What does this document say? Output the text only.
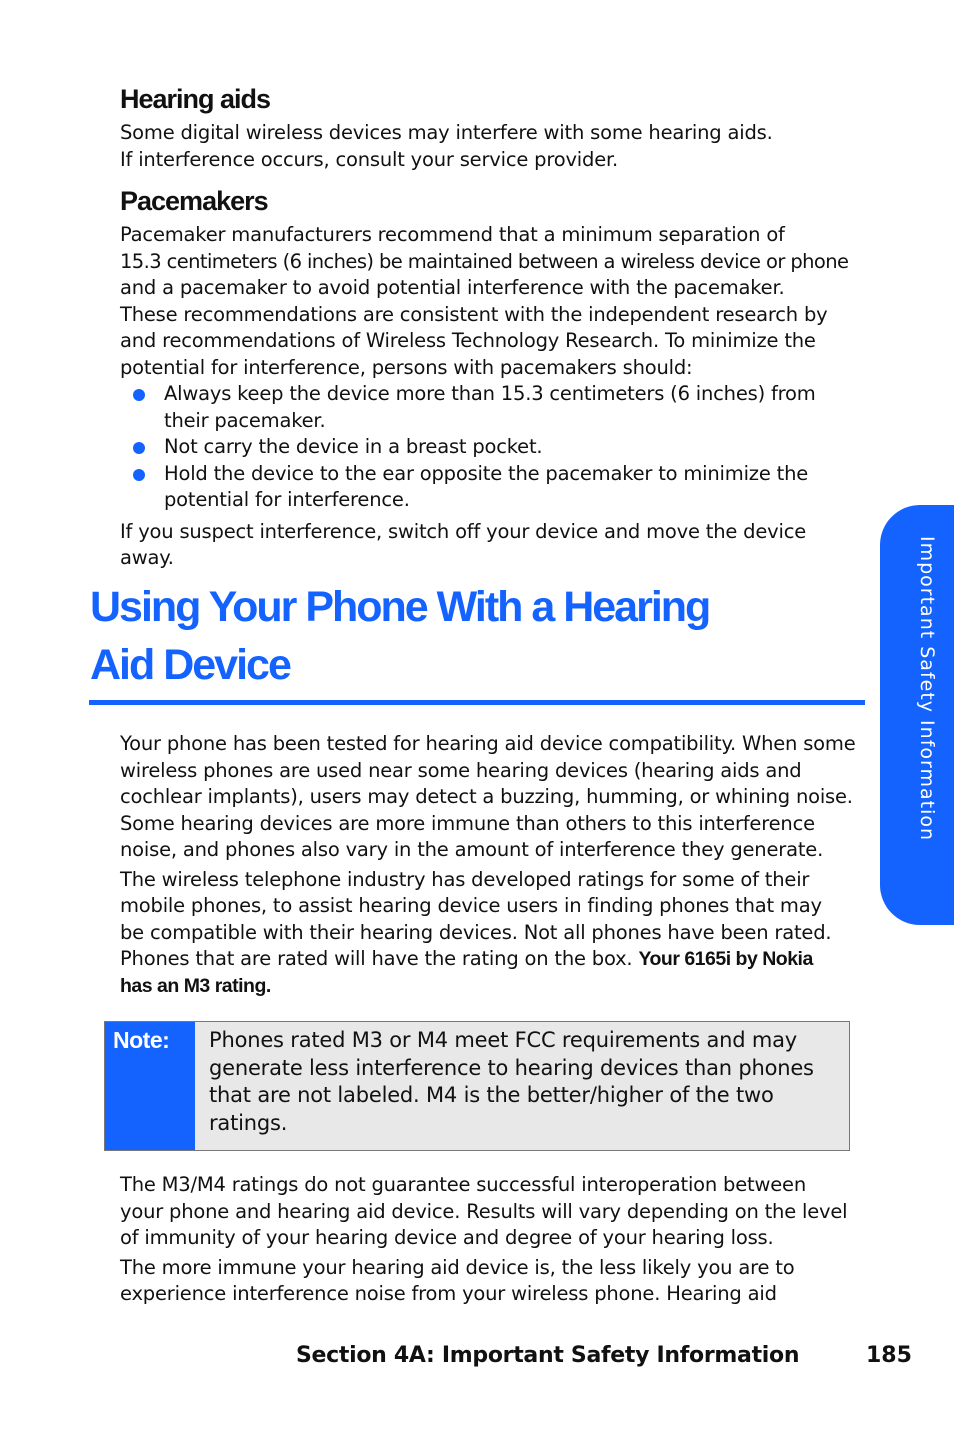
Hearing aids

Some digital wireless devices may interfere with some hearing aids.
If interference occurs, consult your service provider.

Pacemakers

Pacemaker manufacturers recommend that a minimum separation of
15.3 centimeters (6 inches) be maintained between a wireless device or phone
and a pacemaker to avoid potential interference with the pacemaker.
These recommendations are consistent with the independent research by
and recommendations of Wireless Technology Research. To minimize the
potential for interference, persons with pacemakers should:

Always keep the device more than 15.3 centimeters (6 inches) from
their pacemaker.
Not carry the device in a breast pocket.
Hold the device to the ear opposite the pacemaker to minimize the
potential for interference.

If you suspect interference, switch off your device and move the device away.

Using Your Phone With a Hearing
Aid Device

Your phone has been tested for hearing aid device compatibility. When some
wireless phones are used near some hearing devices (hearing aids and
cochlear implants), users may detect a buzzing, humming, or whining noise.
Some hearing devices are more immune than others to this interference
noise, and phones also vary in the amount of interference they generate.

The wireless telephone industry has developed ratings for some of their
mobile phones, to assist hearing device users in finding phones that may
be compatible with their hearing devices. Not all phones have been rated.
Phones that are rated will have the rating on the box. Your 6165i by Nokia
has an M3 rating.

Note:	Phones rated M3 or M4 meet FCC requirements and may
generate less interference to hearing devices than phones
that are not labeled. M4 is the better/higher of the two
ratings.

The M3/M4 ratings do not guarantee successful interoperation between
your phone and hearing aid device. Results will vary depending on the level
of immunity of your hearing device and degree of your hearing loss.

The more immune your hearing aid device is, the less likely you are to
experience interference noise from your wireless phone. Hearing aid

Important Safety Information
Section 4A: Important Safety Information	185
